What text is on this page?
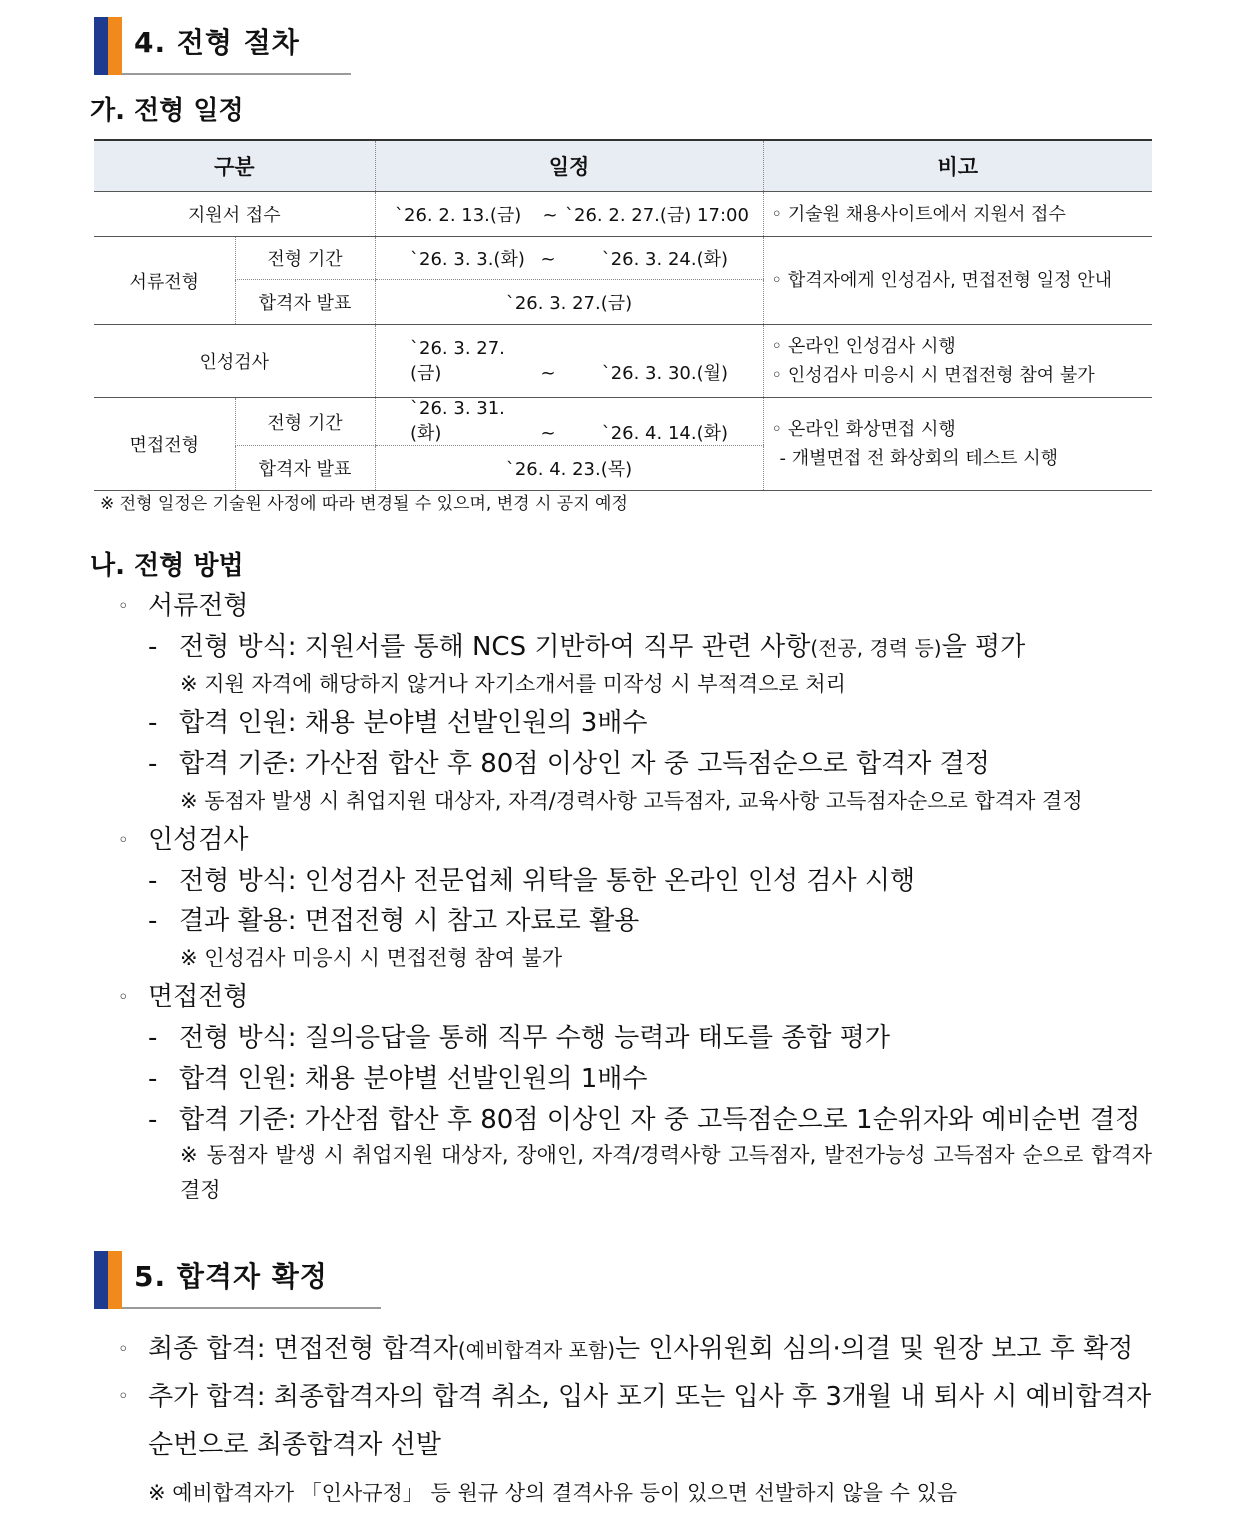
4. 전형 절차
가. 전형 일정
구분		일정	비고
지원서 접수		`26. 2. 13.(금) ~ `26. 2. 27.(금) 17:00	◦ 기술원 채용사이트에서 지원서 접수
서류전형	전형 기간	`26. 3. 3.(화) ~ `26. 3. 24.(화)	◦ 합격자에게 인성검사, 면접전형 일정 안내
	합격자 발표	`26. 3. 27.(금)	
인성검사		`26. 3. 27.(금) ~ `26. 3. 30.(월)	◦ 온라인 인성검사 시행
◦ 인성검사 미응시 시 면접전형 참여 불가

면접전형	전형 기간	`26. 3. 31.(화) ~ `26. 4. 14.(화)	◦ 온라인 화상면접 시행
- 개별면접 전 화상회의 테스트 시행

	합격자 발표	`26. 4. 23.(목)	
※ 전형 일정은 기술원 사정에 따라 변경될 수 있으며, 변경 시 공지 예정
나. 전형 방법
◦ 서류전형
- 전형 방식: 지원서를 통해 NCS 기반하여 직무 관련 사항(전공, 경력 등)을 평가
※ 지원 자격에 해당하지 않거나 자기소개서를 미작성 시 부적격으로 처리
- 합격 인원: 채용 분야별 선발인원의 3배수
- 합격 기준: 가산점 합산 후 80점 이상인 자 중 고득점순으로 합격자 결정
※ 동점자 발생 시 취업지원 대상자, 자격/경력사항 고득점자, 교육사항 고득점자순으로 합격자 결정
◦ 인성검사
- 전형 방식: 인성검사 전문업체 위탁을 통한 온라인 인성 검사 시행
- 결과 활용: 면접전형 시 참고 자료로 활용
※ 인성검사 미응시 시 면접전형 참여 불가
◦ 면접전형
- 전형 방식: 질의응답을 통해 직무 수행 능력과 태도를 종합 평가
- 합격 인원: 채용 분야별 선발인원의 1배수
- 합격 기준: 가산점 합산 후 80점 이상인 자 중 고득점순으로 1순위자와 예비순번 결정
※ 동점자 발생 시 취업지원 대상자, 장애인, 자격/경력사항 고득점자, 발전가능성 고득점자 순으로 합격자 결정
5. 합격자 확정
◦ 최종 합격: 면접전형 합격자(예비합격자 포함)는 인사위원회 심의·의결 및 원장 보고 후 확정
◦ 추가 합격: 최종합격자의 합격 취소, 입사 포기 또는 입사 후 3개월 내 퇴사 시 예비합격자 순번으로 최종합격자 선발
※ 예비합격자가 「인사규정」 등 원규 상의 결격사유 등이 있으면 선발하지 않을 수 있음
